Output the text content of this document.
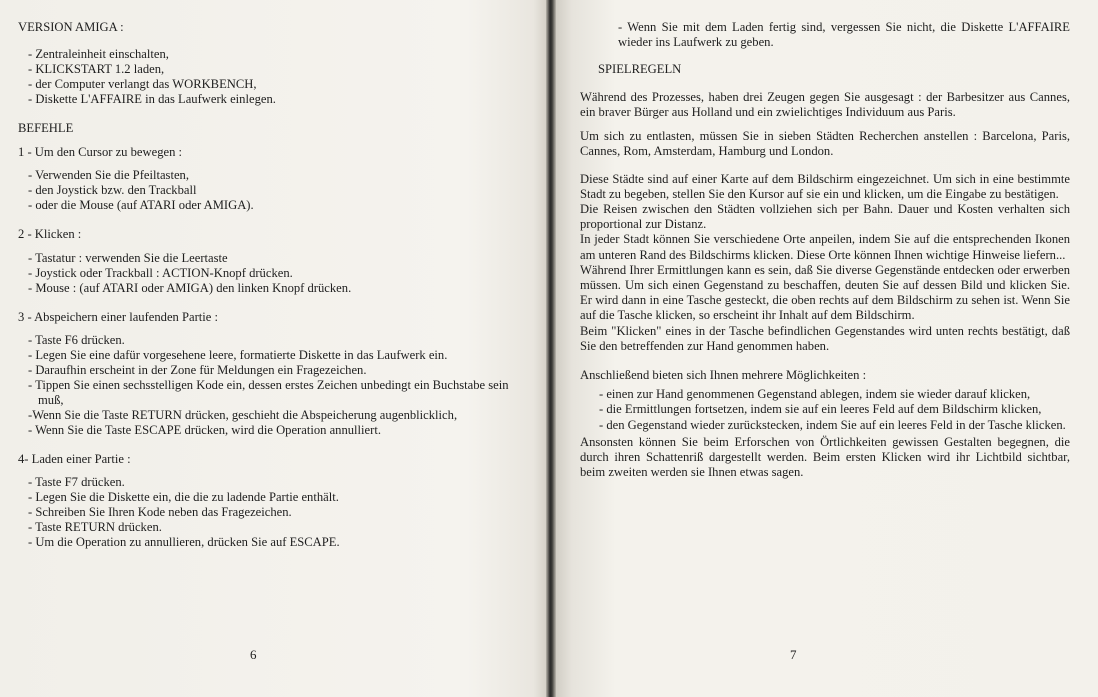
VERSION AMIGA :

- Zentraleinheit einschalten,
- KLICKSTART 1.2 laden,
- der Computer verlangt das WORKBENCH,
- Diskette L'AFFAIRE in das Laufwerk einlegen.

BEFEHLE

1 - Um den Cursor zu bewegen :

- Verwenden Sie die Pfeiltasten,
- den Joystick bzw. den Trackball
- oder die Mouse (auf ATARI oder AMIGA).

2 - Klicken :

- Tastatur : verwenden Sie die Leertaste
- Joystick oder Trackball : ACTION-Knopf drücken.
- Mouse : (auf ATARI oder AMIGA) den linken Knopf drücken.

3 - Abspeichern einer laufenden Partie :

- Taste F6 drücken.
- Legen Sie eine dafür vorgesehene leere, formatierte Diskette in das Laufwerk ein.
- Daraufhin erscheint in der Zone für Meldungen ein Fragezeichen.
- Tippen Sie einen sechsstelligen Kode ein, dessen erstes Zeichen unbedingt ein Buchstabe sein muß,
-Wenn Sie die Taste RETURN drücken, geschieht die Abspeicherung augenblicklich,
- Wenn Sie die Taste ESCAPE drücken, wird die Operation annulliert.

4- Laden einer Partie :

- Taste F7 drücken.
- Legen Sie die Diskette ein, die die zu ladende Partie enthält.
- Schreiben Sie Ihren Kode neben das Fragezeichen.
- Taste RETURN drücken.
- Um die Operation zu annullieren, drücken Sie auf ESCAPE.
6

- Wenn Sie mit dem Laden fertig sind, vergessen Sie nicht, die Diskette L'AFFAIRE wieder ins Laufwerk zu geben.

SPIELREGELN

Während des Prozesses, haben drei Zeugen gegen Sie ausgesagt : der Barbesitzer aus Cannes, ein braver Bürger aus Holland und ein zwielichtiges Individuum aus Paris.

Um sich zu entlasten, müssen Sie in sieben Städten Recherchen anstellen : Barcelona, Paris, Cannes, Rom, Amsterdam, Hamburg und London.

Diese Städte sind auf einer Karte auf dem Bildschirm eingezeichnet. Um sich in eine bestimmte Stadt zu begeben, stellen Sie den Kursor auf sie ein und klicken, um die Eingabe zu bestätigen.

Die Reisen zwischen den Städten vollziehen sich per Bahn. Dauer und Kosten verhalten sich proportional zur Distanz.

In jeder Stadt können Sie verschiedene Orte anpeilen, indem Sie auf die entsprechenden Ikonen am unteren Rand des Bildschirms klicken. Diese Orte können Ihnen wichtige Hinweise liefern...

Während Ihrer Ermittlungen kann es sein, daß Sie diverse Gegenstände entdecken oder erwerben müssen. Um sich einen Gegenstand zu beschaffen, deuten Sie auf dessen Bild und klicken Sie. Er wird dann in eine Tasche gesteckt, die oben rechts auf dem Bildschirm zu sehen ist. Wenn Sie auf die Tasche klicken, so erscheint ihr Inhalt auf dem Bildschirm.

Beim "Klicken" eines in der Tasche befindlichen Gegenstandes wird unten rechts bestätigt, daß Sie den betreffenden zur Hand genommen haben.

Anschließend bieten sich Ihnen mehrere Möglichkeiten :

- einen zur Hand genommenen Gegenstand ablegen, indem sie wieder darauf klicken,
- die Ermittlungen fortsetzen, indem sie auf ein leeres Feld auf dem Bildschirm klicken,
- den Gegenstand wieder zurückstecken, indem Sie auf ein leeres Feld in der Tasche klicken.

Ansonsten können Sie beim Erforschen von Örtlichkeiten gewissen Gestalten begegnen, die durch ihren Schattenriß dargestellt werden. Beim ersten Klicken wird ihr Lichtbild sichtbar, beim zweiten werden sie Ihnen etwas sagen.

7
